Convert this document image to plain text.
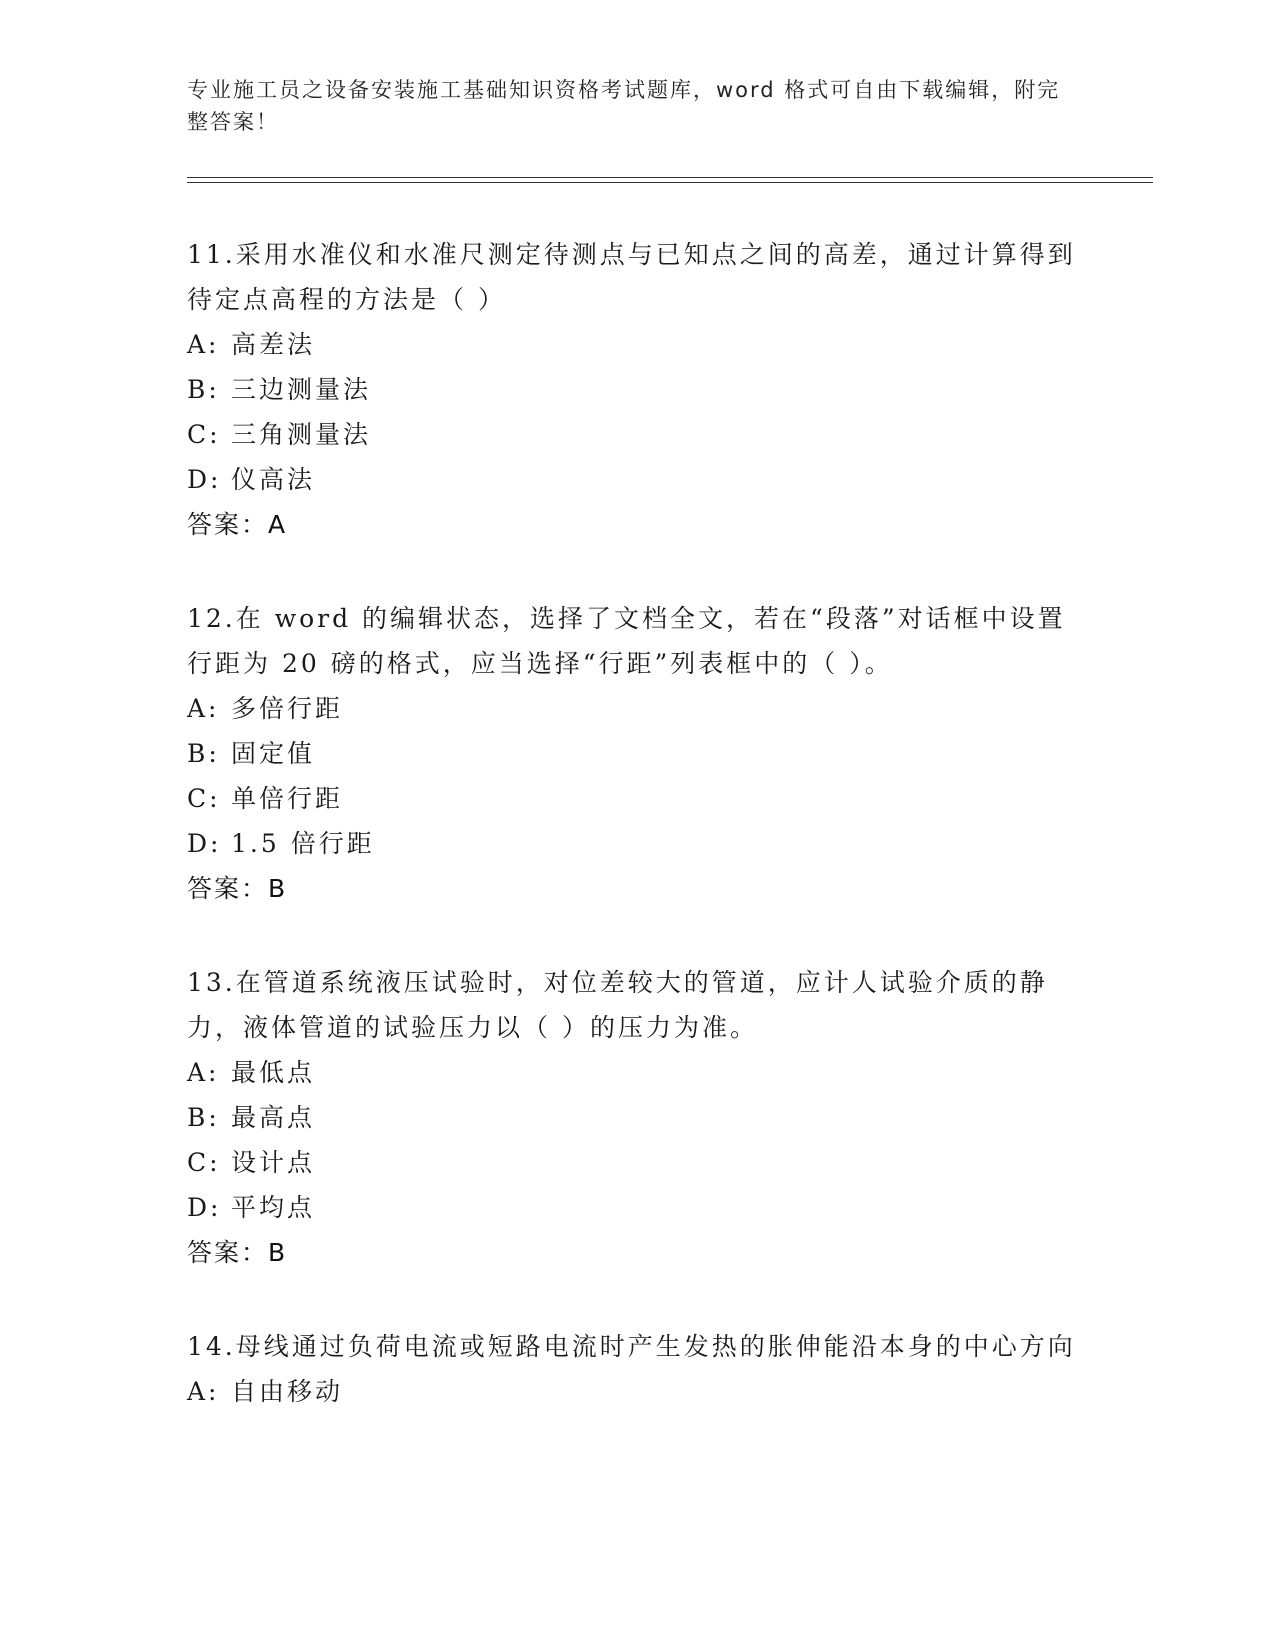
专业施工员之设备安装施工基础知识资格考试题库，word 格式可自由下载编辑，附完整答案！

11.采用水准仪和水准尺测定待测点与已知点之间的高差，通过计算得到待定点高程的方法是（ ）

A: 高差法

B: 三边测量法

C: 三角测量法

D: 仪高法

答案：A

12.在 word 的编辑状态，选择了文档全文，若在“段落”对话框中设置行距为 20 磅的格式，应当选择“行距”列表框中的（ ）。

A: 多倍行距

B: 固定值

C: 单倍行距

D: 1.5 倍行距

答案：B

13.在管道系统液压试验时，对位差较大的管道，应计人试验介质的静力，液体管道的试验压力以（ ）的压力为准。

A: 最低点

B: 最高点

C: 设计点

D: 平均点

答案：B

14.母线通过负荷电流或短路电流时产生发热的胀伸能沿本身的中心方向

A: 自由移动
